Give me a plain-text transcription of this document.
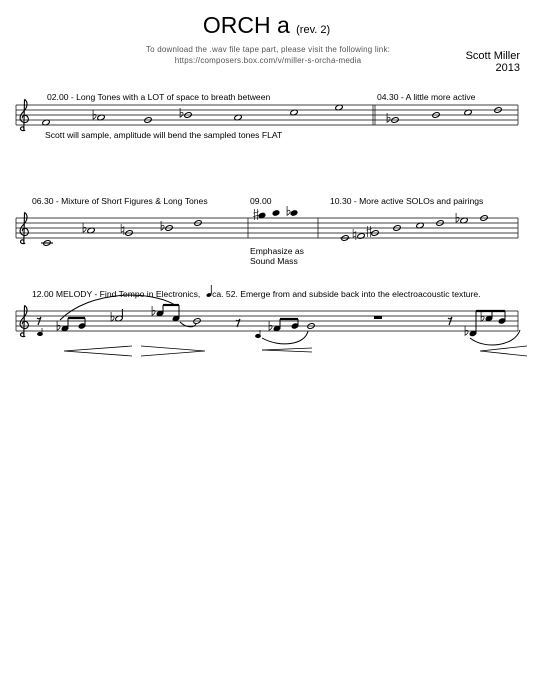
ORCH a (rev. 2)
To download the .wav file tape part, please visit the following link:
https://composers.box.com/v/miller-s-orcha-media	Scott Miller
2013
02.00 - Long Tones with a LOT of space to breath between	04.30 - A little more active
Scott will sample, amplitude will bend the sampled tones FLAT
06.30 - Mixture of Short Figures & Long Tones	09.00	10.30 - More active SOLOs and pairings
Emphasize as
Sound Mass
12.00 MELODY - Find Tempo in Electronics, ca. 52. Emerge from and subside back into the electroacoustic texture.
